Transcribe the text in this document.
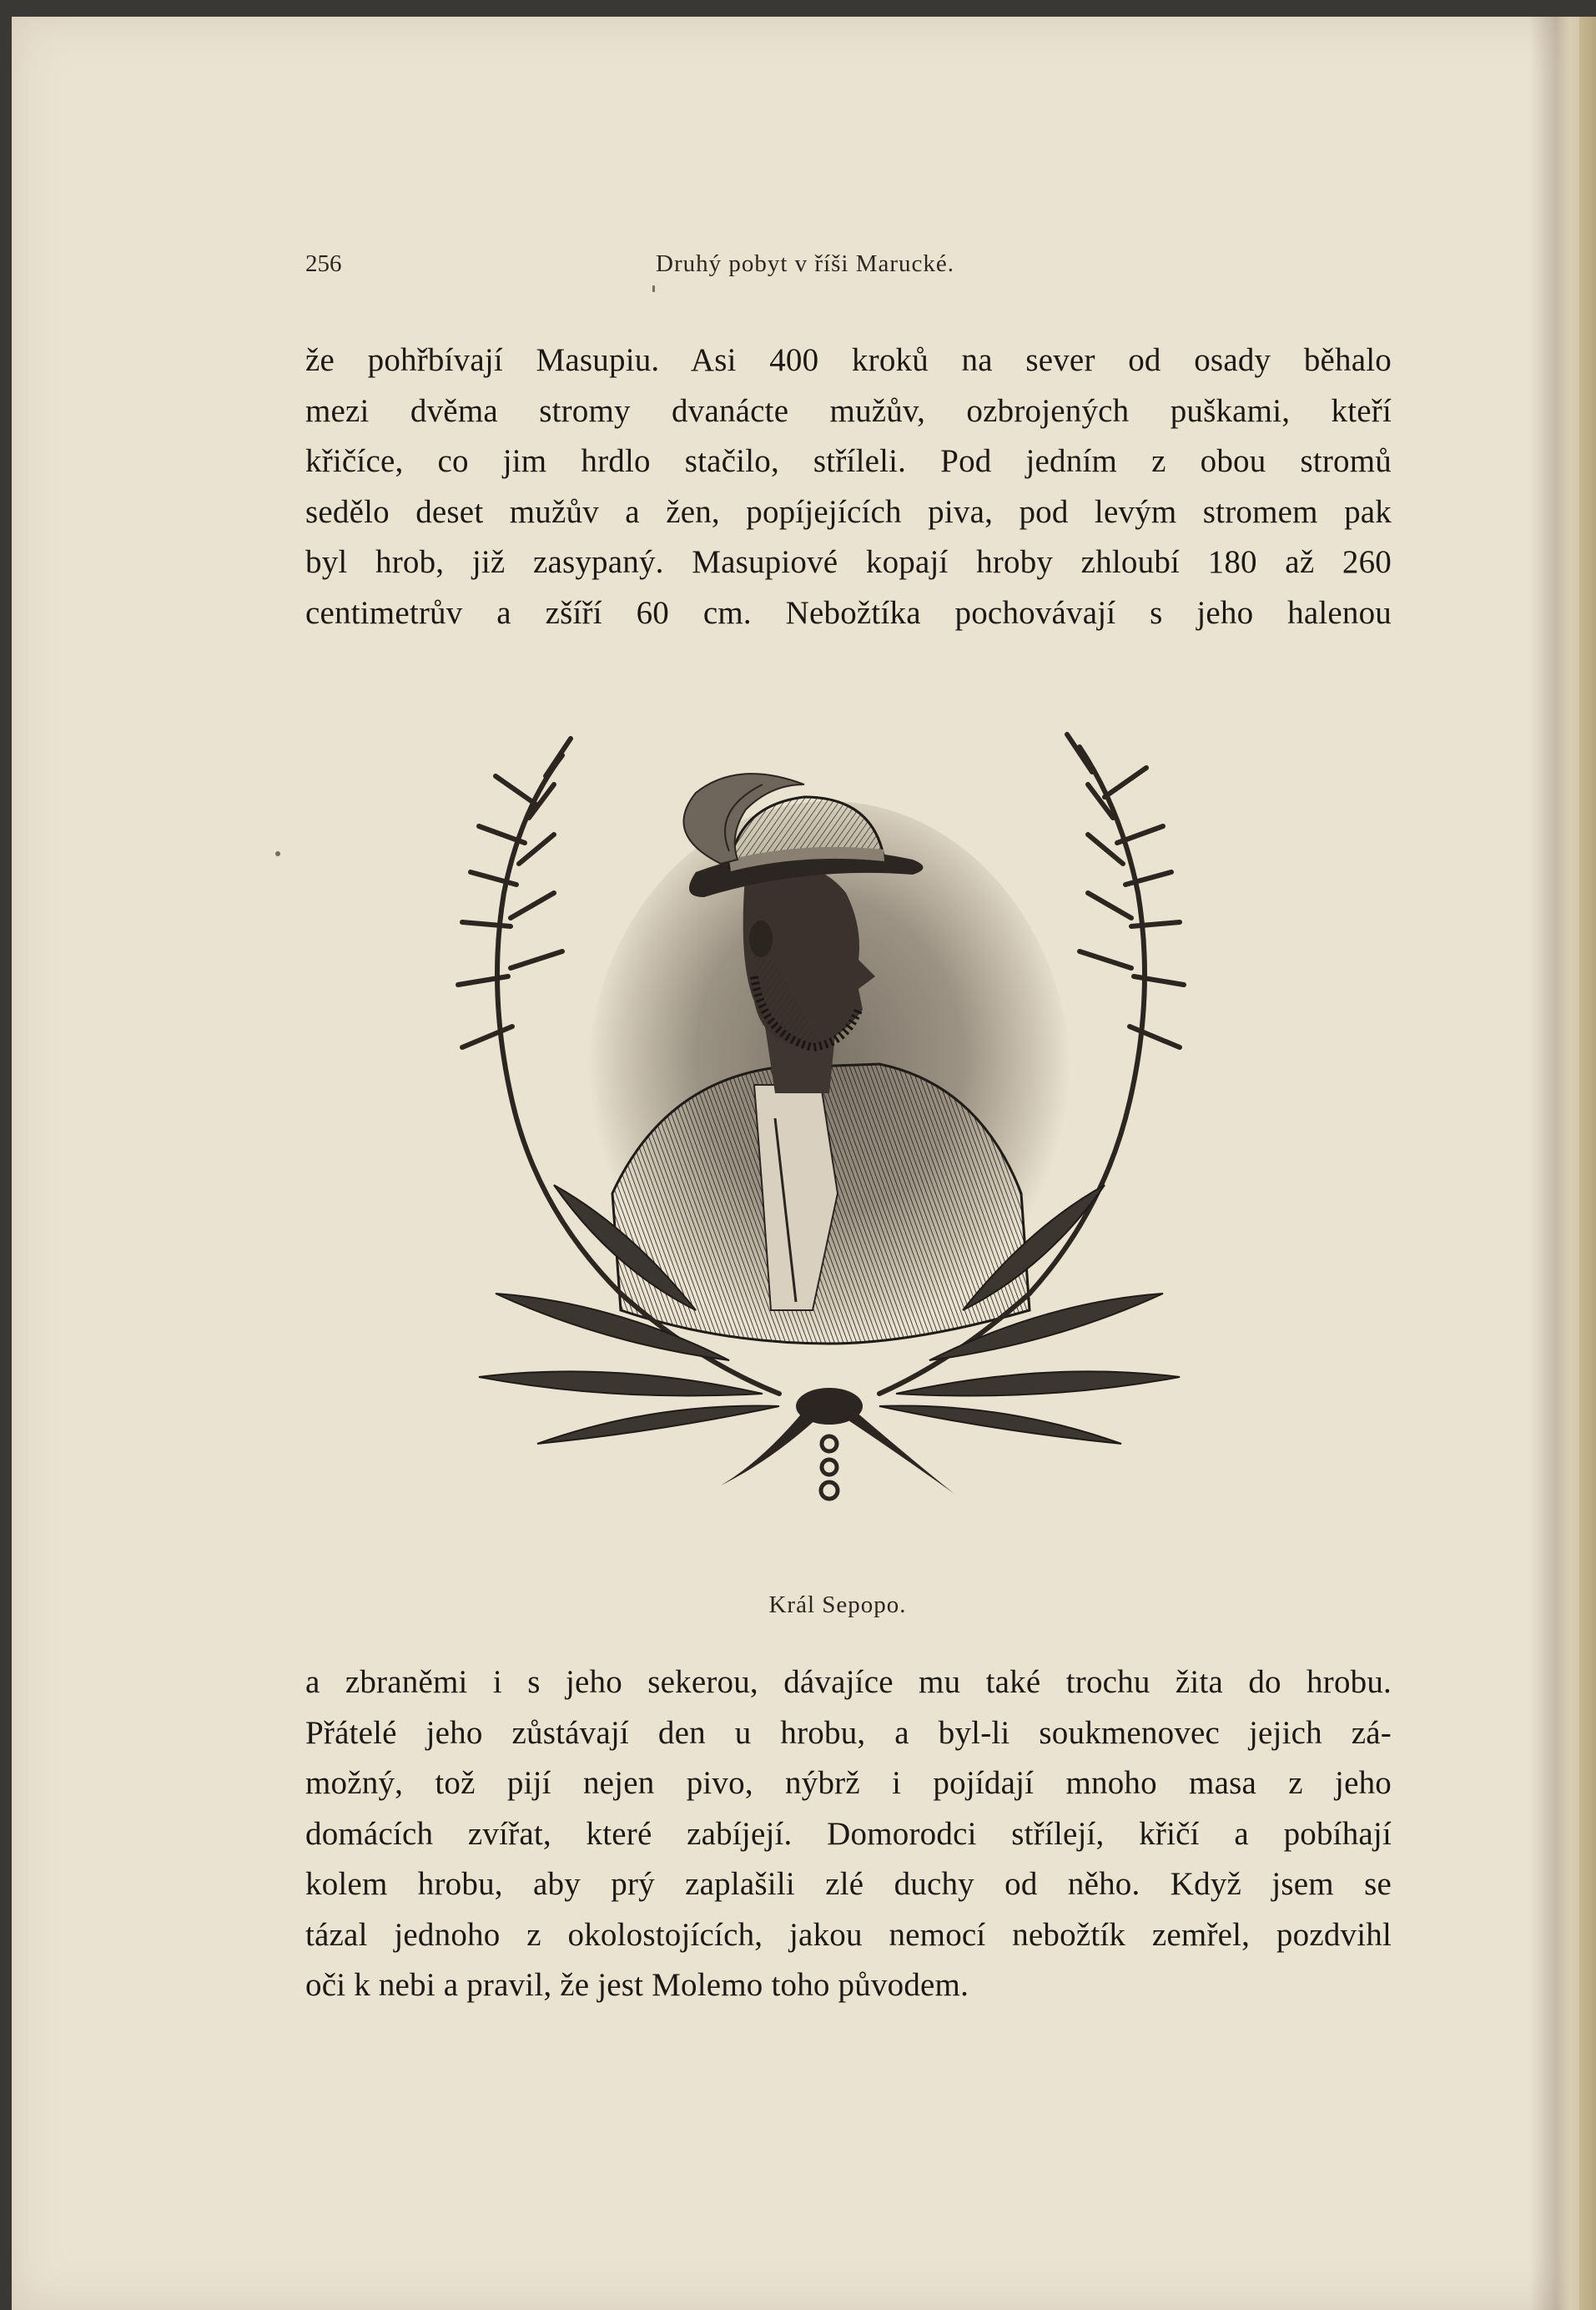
256	Druhý pobyt v říši Marucké.
že pohřbívají Masupiu. Asi 400 kroků na sever od osady běhalo
mezi dvěma stromy dvanácte mužův, ozbrojených puškami, kteří
křičíce, co jim hrdlo stačilo, stříleli. Pod jedním z obou stromů
sedělo deset mužův a žen, popíjejících piva, pod levým stromem pak
byl hrob, již zasypaný. Masupiové kopají hroby zhloubí 180 až 260
centimetrův a zšíří 60 cm. Nebožtíka pochovávají s jeho halenou
Král Sepopo.
a zbraněmi i s jeho sekerou, dávajíce mu také trochu žita do hrobu.
Přátelé jeho zůstávají den u hrobu, a byl-li soukmenovec jejich zá-
možný, tož pijí nejen pivo, nýbrž i pojídají mnoho masa z jeho
domácích zvířat, které zabíjejí. Domorodci střílejí, křičí a pobíhají
kolem hrobu, aby prý zaplašili zlé duchy od něho. Když jsem se
tázal jednoho z okolostojících, jakou nemocí nebožtík zemřel, pozdvihl
oči k nebi a pravil, že jest Molemo toho původem.
